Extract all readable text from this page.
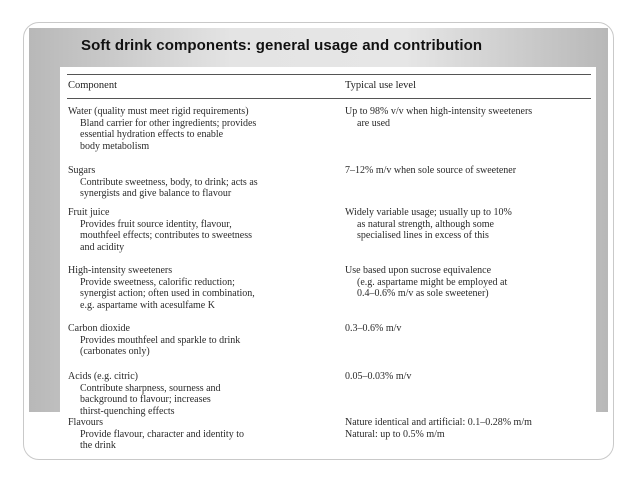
Soft drink components: general usage and contribution
Component	Typical use level
Water (quality must meet rigid requirements)
Bland carrier for other ingredients; provides
essential hydration effects to enable
body metabolism
Up to 98% v/v when high-intensity sweeteners
are used
Sugars
Contribute sweetness, body, to drink; acts as
synergists and give balance to flavour
7–12% m/v when sole source of sweetener
Fruit juice
Provides fruit source identity, flavour,
mouthfeel effects; contributes to sweetness
and acidity
Widely variable usage; usually up to 10%
as natural strength, although some
specialised lines in excess of this
High-intensity sweeteners
Provide sweetness, calorific reduction;
synergist action; often used in combination,
e.g. aspartame with acesulfame K
Use based upon sucrose equivalence
(e.g. aspartame might be employed at
0.4–0.6% m/v as sole sweetener)
Carbon dioxide
Provides mouthfeel and sparkle to drink
(carbonates only)
0.3–0.6% m/v
Acids (e.g. citric)
Contribute sharpness, sourness and
background to flavour; increases
thirst-quenching effects
0.05–0.03% m/v
Flavours
Provide flavour, character and identity to
the drink
Nature identical and artificial: 0.1–0.28% m/m
Natural: up to 0.5% m/m
